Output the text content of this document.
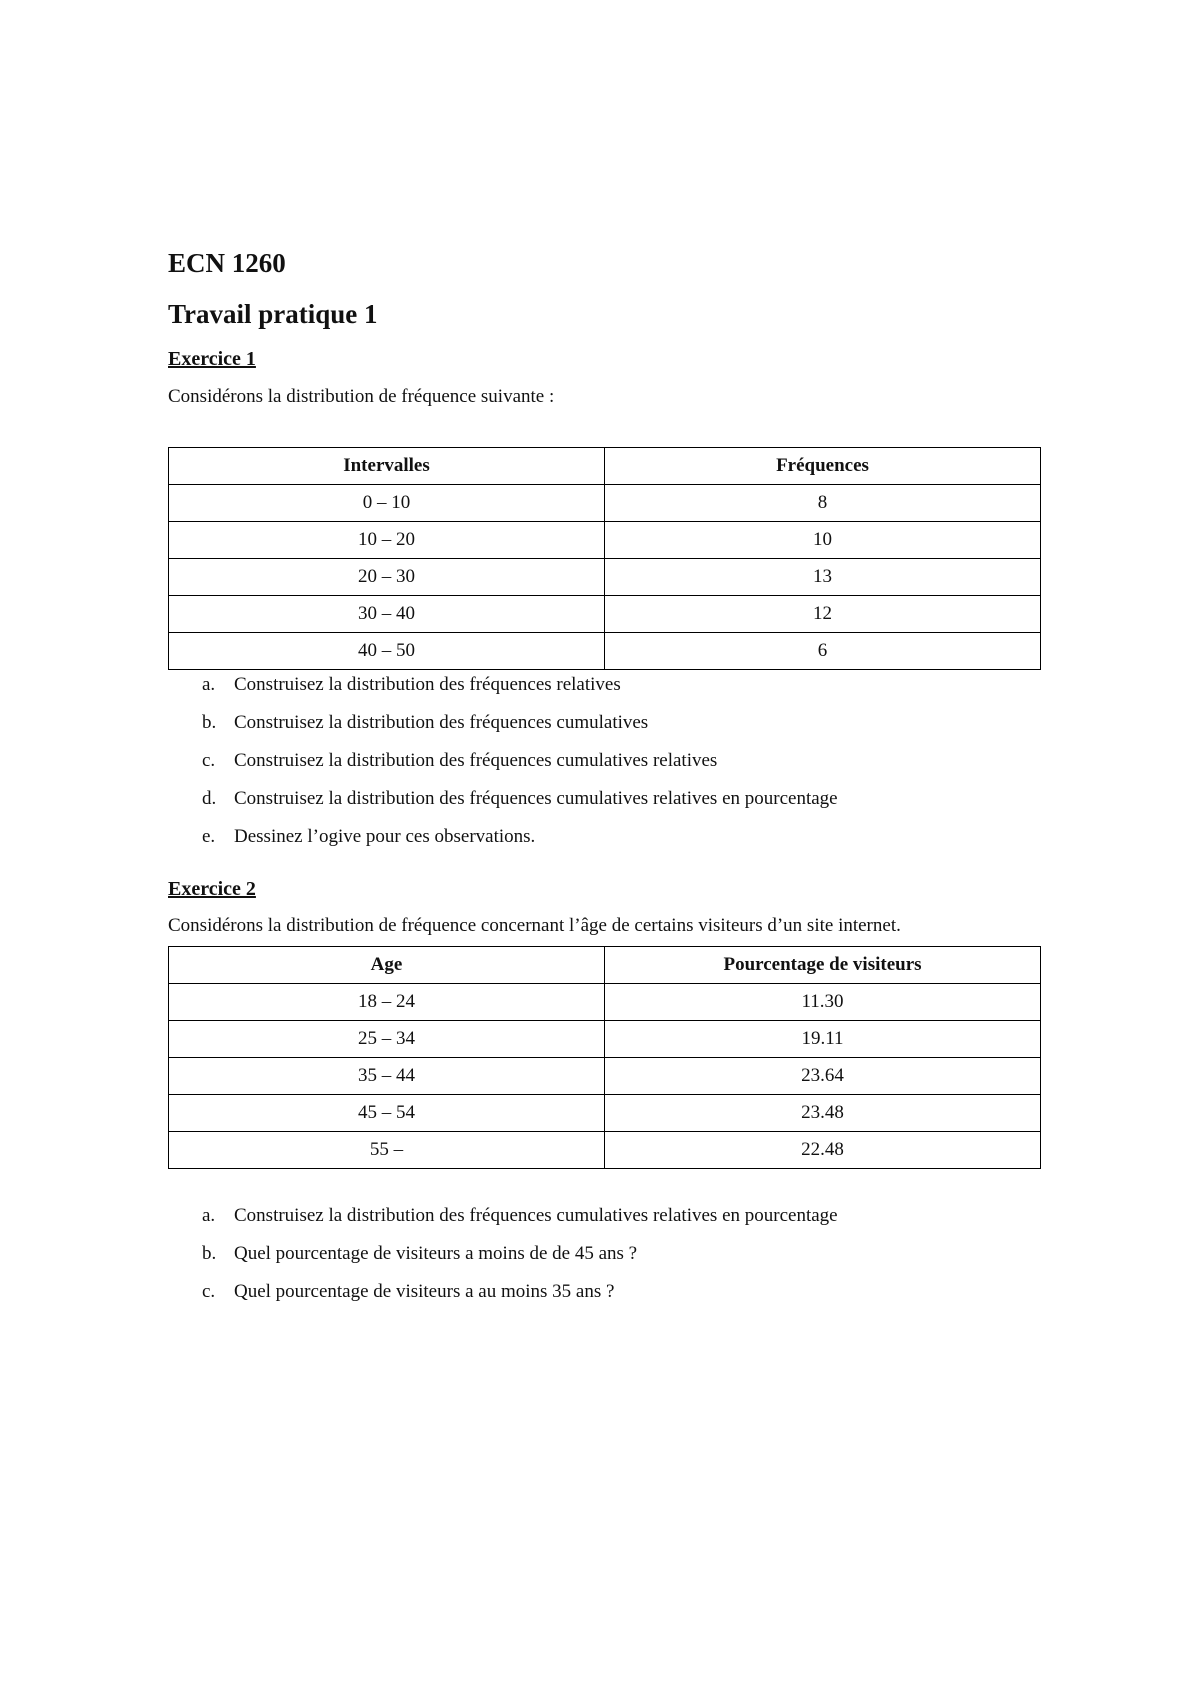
ECN 1260
Travail pratique 1
Exercice 1
Considérons la distribution de fréquence suivante :
Intervalles	Fréquences
0 – 10	8
10 – 20	10
20 – 30	13
30 – 40	12
40 – 50	6
a. Construisez la distribution des fréquences relatives
b. Construisez la distribution des fréquences cumulatives
c. Construisez la distribution des fréquences cumulatives relatives
d. Construisez la distribution des fréquences cumulatives relatives en pourcentage
e. Dessinez l’ogive pour ces observations.
Exercice 2
Considérons la distribution de fréquence concernant l’âge de certains visiteurs d’un site internet.
Age	Pourcentage de visiteurs
18 – 24	11.30
25 – 34	19.11
35 – 44	23.64
45 – 54	23.48
55 –	22.48
a. Construisez la distribution des fréquences cumulatives relatives en pourcentage
b. Quel pourcentage de visiteurs a moins de de 45 ans ?
c. Quel pourcentage de visiteurs a au moins 35 ans ?
